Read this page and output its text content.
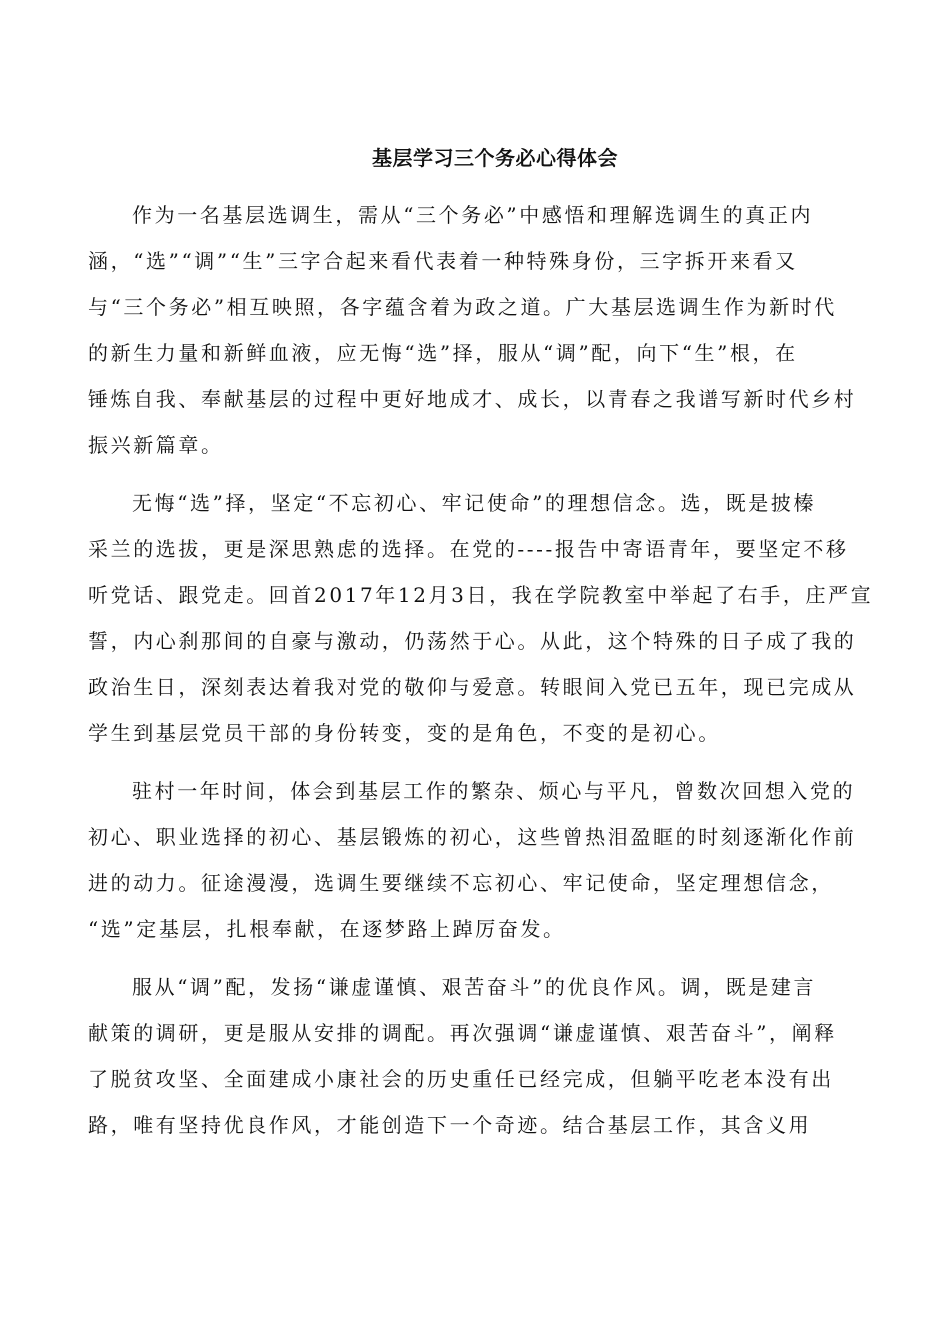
基层学习三个务必心得体会
作为一名基层选调生，需从“三个务必”中感悟和理解选调生的真正内
涵，“选”“调”“生”三字合起来看代表着一种特殊身份，三字拆开来看又
与“三个务必”相互映照，各字蕴含着为政之道。广大基层选调生作为新时代
的新生力量和新鲜血液，应无悔“选”择，服从“调”配，向下“生”根，在
锤炼自我、奉献基层的过程中更好地成才、成长，以青春之我谱写新时代乡村
振兴新篇章。
无悔“选”择，坚定“不忘初心、牢记使命”的理想信念。选，既是披榛
采兰的选拔，更是深思熟虑的选择。在党的----报告中寄语青年，要坚定不移
听党话、跟党走。回首2017年12月3日，我在学院教室中举起了右手，庄严宣
誓，内心刹那间的自豪与激动，仍荡然于心。从此，这个特殊的日子成了我的
政治生日，深刻表达着我对党的敬仰与爱意。转眼间入党已五年，现已完成从
学生到基层党员干部的身份转变，变的是角色，不变的是初心。
驻村一年时间，体会到基层工作的繁杂、烦心与平凡，曾数次回想入党的
初心、职业选择的初心、基层锻炼的初心，这些曾热泪盈眶的时刻逐渐化作前
进的动力。征途漫漫，选调生要继续不忘初心、牢记使命，坚定理想信念，
“选”定基层，扎根奉献，在逐梦路上踔厉奋发。
服从“调”配，发扬“谦虚谨慎、艰苦奋斗”的优良作风。调，既是建言
献策的调研，更是服从安排的调配。再次强调“谦虚谨慎、艰苦奋斗”，阐释
了脱贫攻坚、全面建成小康社会的历史重任已经完成，但躺平吃老本没有出
路，唯有坚持优良作风，才能创造下一个奇迹。结合基层工作，其含义用
